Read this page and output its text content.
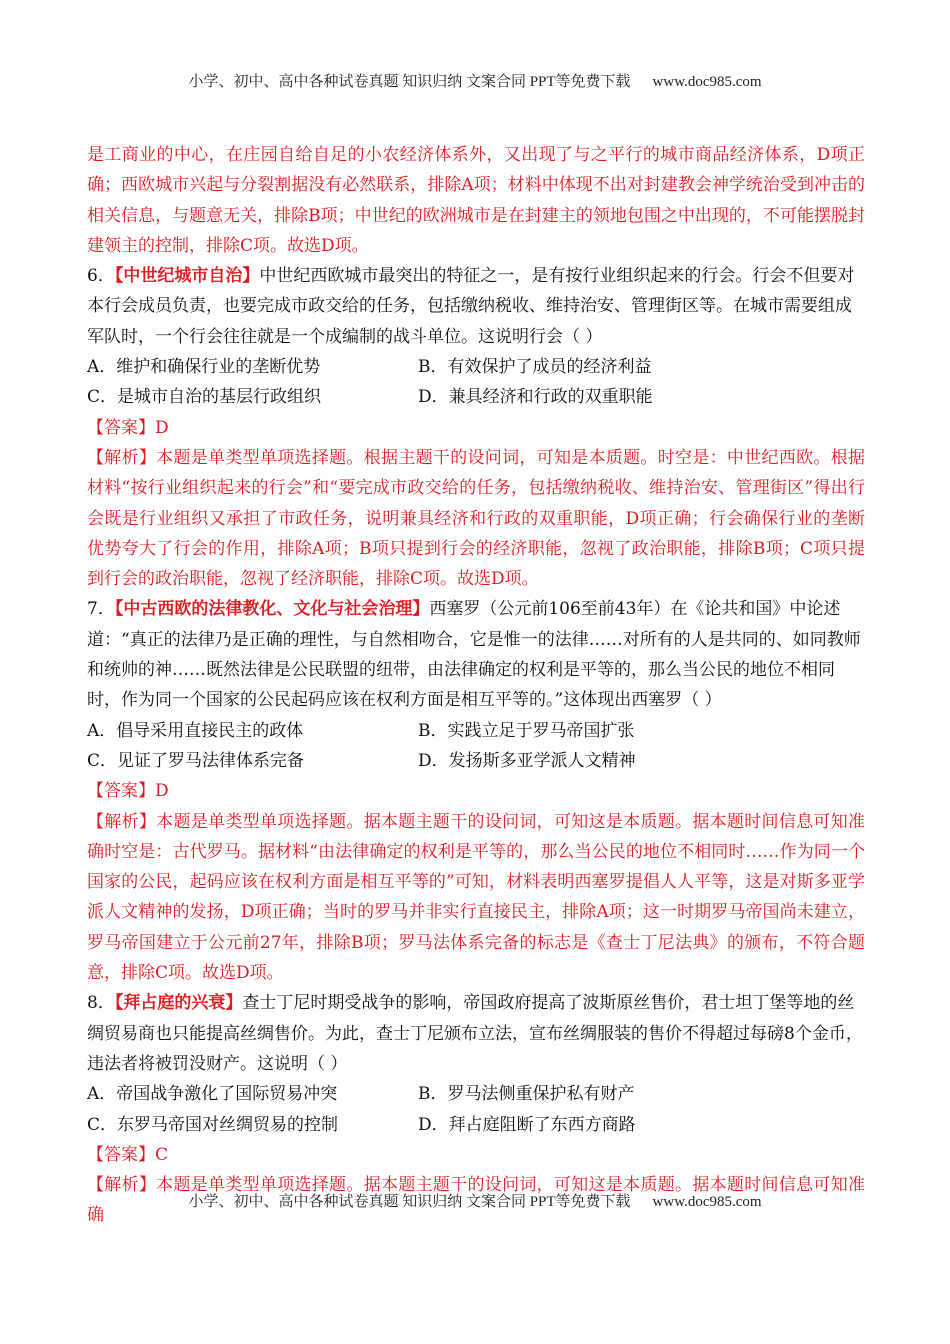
小学、初中、高中各种试卷真题 知识归纳 文案合同 PPT等免费下载 www.doc985.com

是工商业的中心，在庄园自给自足的小农经济体系外，又出现了与之平行的城市商品经济体系，D项正确；西欧城市兴起与分裂割据没有必然联系，排除A项；材料中体现不出对封建教会神学统治受到冲击的相关信息，与题意无关，排除B项；中世纪的欧洲城市是在封建主的领地包围之中出现的，不可能摆脱封建领主的控制，排除C项。故选D项。

6．【中世纪城市自治】中世纪西欧城市最突出的特征之一，是有按行业组织起来的行会。行会不但要对本行会成员负责，也要完成市政交给的任务，包括缴纳税收、维持治安、管理街区等。在城市需要组成军队时，一个行会往往就是一个成编制的战斗单位。这说明行会（ ）

A．维护和确保行业的垄断优势	B．有效保护了成员的经济利益
C．是城市自治的基层行政组织	D．兼具经济和行政的双重职能

【答案】D

【解析】本题是单类型单项选择题。根据主题干的设问词，可知是本质题。时空是：中世纪西欧。根据材料“按行业组织起来的行会”和“要完成市政交给的任务，包括缴纳税收、维持治安、管理街区”得出行会既是行业组织又承担了市政任务，说明兼具经济和行政的双重职能，D项正确；行会确保行业的垄断优势夸大了行会的作用，排除A项；B项只提到行会的经济职能，忽视了政治职能，排除B项；C项只提到行会的政治职能，忽视了经济职能，排除C项。故选D项。

7．【中古西欧的法律教化、文化与社会治理】西塞罗（公元前106至前43年）在《论共和国》中论述道：“真正的法律乃是正确的理性，与自然相吻合，它是惟一的法律……对所有的人是共同的、如同教师和统帅的神……既然法律是公民联盟的纽带，由法律确定的权利是平等的，那么当公民的地位不相同时，作为同一个国家的公民起码应该在权利方面是相互平等的。”这体现出西塞罗（ ）

A．倡导采用直接民主的政体	B．实践立足于罗马帝国扩张
C．见证了罗马法律体系完备	D．发扬斯多亚学派人文精神

【答案】D

【解析】本题是单类型单项选择题。据本题主题干的设问词，可知这是本质题。据本题时间信息可知准确时空是：古代罗马。据材料“由法律确定的权利是平等的，那么当公民的地位不相同时……作为同一个国家的公民，起码应该在权利方面是相互平等的”可知，材料表明西塞罗提倡人人平等，这是对斯多亚学派人文精神的发扬，D项正确；当时的罗马并非实行直接民主，排除A项；这一时期罗马帝国尚未建立，罗马帝国建立于公元前27年，排除B项；罗马法体系完备的标志是《查士丁尼法典》的颁布，不符合题意，排除C项。故选D项。

8．【拜占庭的兴衰】查士丁尼时期受战争的影响，帝国政府提高了波斯原丝售价，君士坦丁堡等地的丝绸贸易商也只能提高丝绸售价。为此，查士丁尼颁布立法，宣布丝绸服装的售价不得超过每磅8个金币，违法者将被罚没财产。这说明（ ）

A．帝国战争激化了国际贸易冲突	B．罗马法侧重保护私有财产
C．东罗马帝国对丝绸贸易的控制	D．拜占庭阻断了东西方商路

【答案】C

【解析】本题是单类型单项选择题。据本题主题干的设问词，可知这是本质题。据本题时间信息可知准确

小学、初中、高中各种试卷真题 知识归纳 文案合同 PPT等免费下载 www.doc985.com
